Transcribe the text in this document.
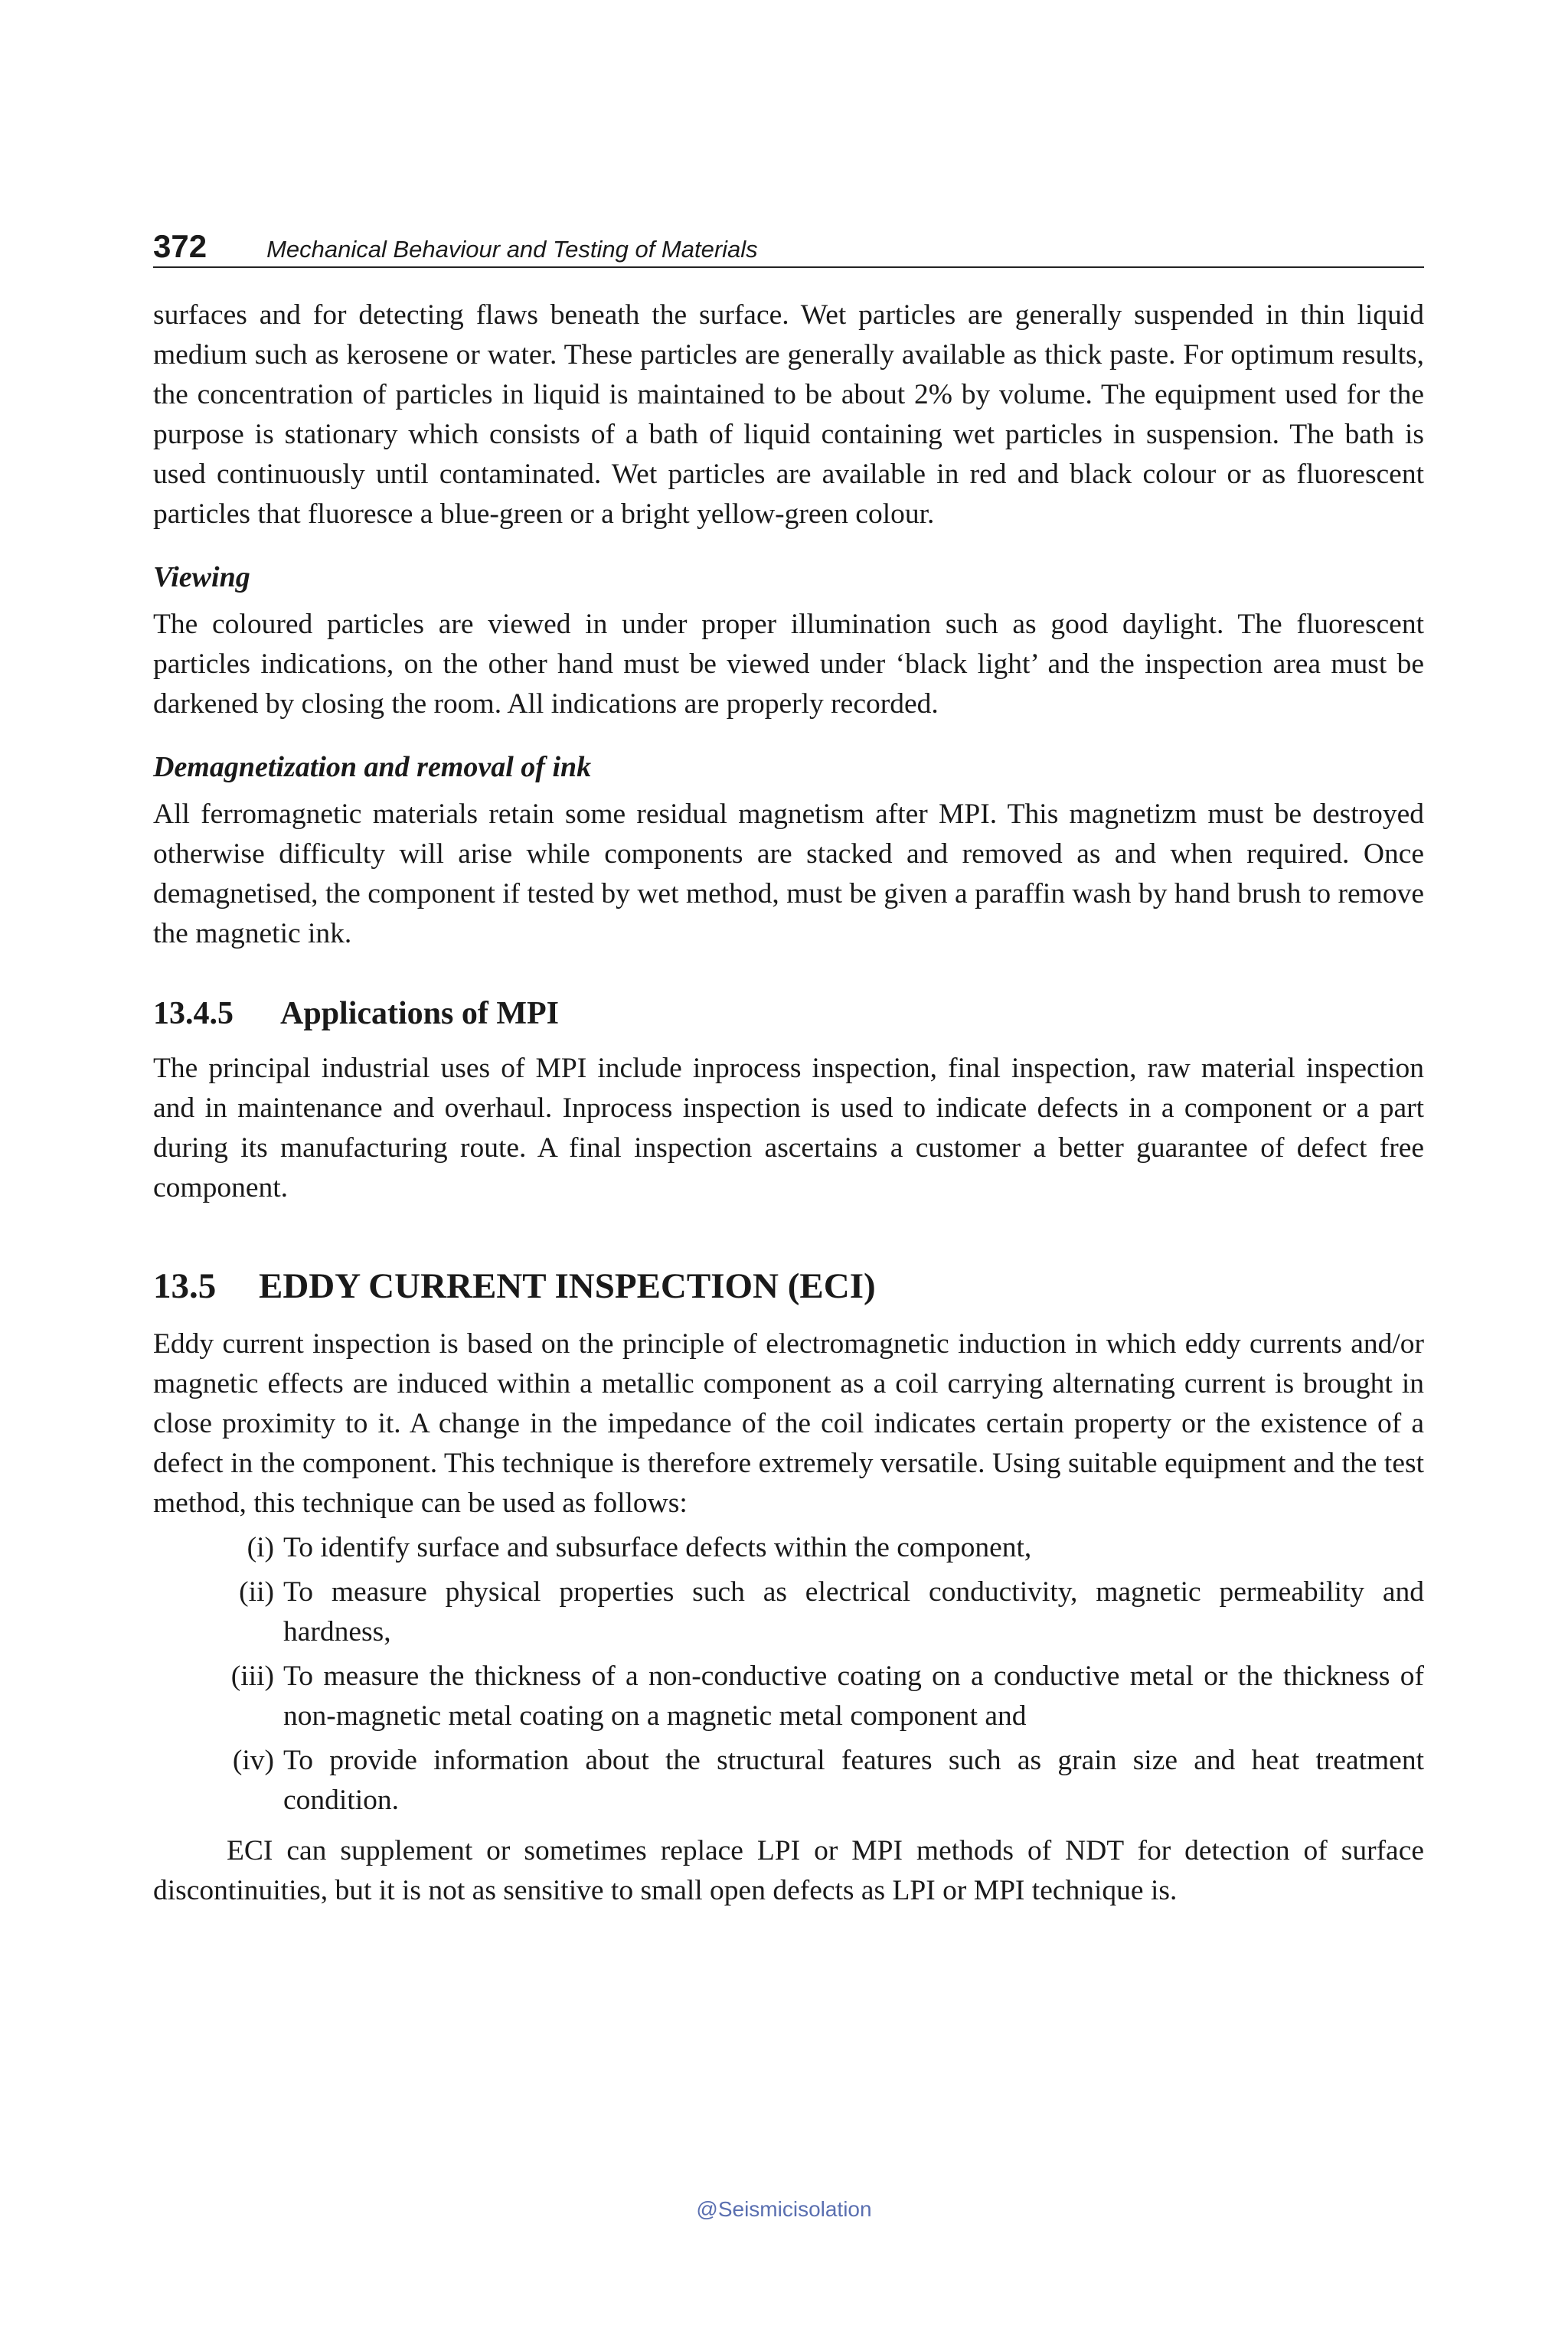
372	Mechanical Behaviour and Testing of Materials

surfaces and for detecting flaws beneath the surface. Wet particles are generally suspended in thin liquid medium such as kerosene or water. These particles are generally available as thick paste. For optimum results, the concentration of particles in liquid is maintained to be about 2% by volume. The equipment used for the purpose is stationary which consists of a bath of liquid containing wet particles in suspension. The bath is used continuously until contaminated. Wet particles are available in red and black colour or as fluorescent particles that fluoresce a blue-green or a bright yellow-green colour.

Viewing

The coloured particles are viewed in under proper illumination such as good daylight. The fluorescent particles indications, on the other hand must be viewed under ‘black light’ and the inspection area must be darkened by closing the room. All indications are properly recorded.

Demagnetization and removal of ink

All ferromagnetic materials retain some residual magnetism after MPI. This magnetizm must be destroyed otherwise difficulty will arise while components are stacked and removed as and when required. Once demagnetised, the component if tested by wet method, must be given a paraffin wash by hand brush to remove the magnetic ink.

13.4.5	Applications of MPI

The principal industrial uses of MPI include inprocess inspection, final inspection, raw material inspection and in maintenance and overhaul. Inprocess inspection is used to indicate defects in a component or a part during its manufacturing route. A final inspection ascertains a customer a better guarantee of defect free component.

13.5	EDDY CURRENT INSPECTION (ECI)

Eddy current inspection is based on the principle of electromagnetic induction in which eddy currents and/or magnetic effects are induced within a metallic component as a coil carrying alternating current is brought in close proximity to it. A change in the impedance of the coil indicates certain property or the existence of a defect in the component. This technique is therefore extremely versatile. Using suitable equipment and the test method, this technique can be used as follows:

(i) To identify surface and subsurface defects within the component,
(ii) To measure physical properties such as electrical conductivity, magnetic permeability and hardness,
(iii) To measure the thickness of a non-conductive coating on a conductive metal or the thickness of non-magnetic metal coating on a magnetic metal component and
(iv) To provide information about the structural features such as grain size and heat treatment condition.

ECI can supplement or sometimes replace LPI or MPI methods of NDT for detection of surface discontinuities, but it is not as sensitive to small open defects as LPI or MPI technique is.

@Seismicisolation
